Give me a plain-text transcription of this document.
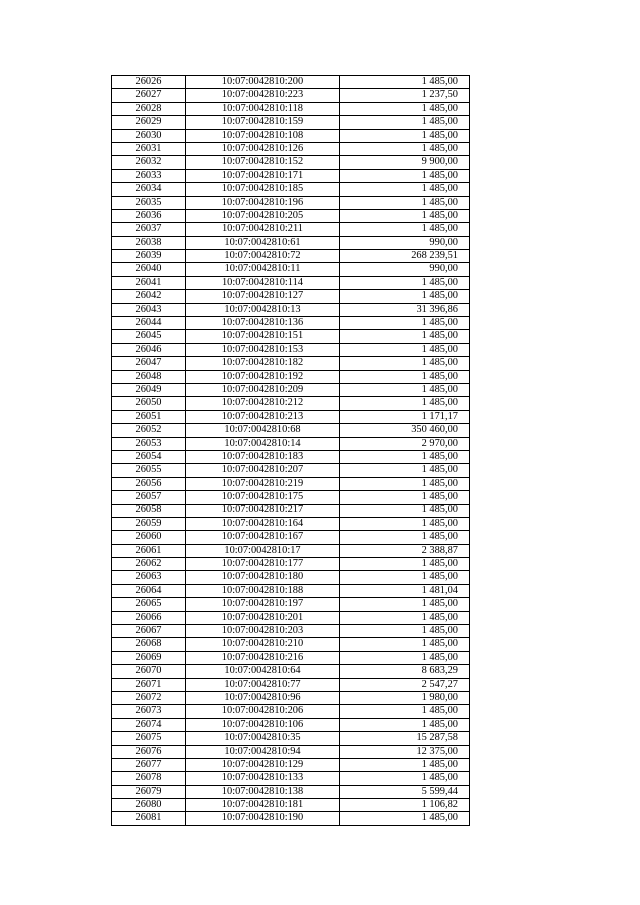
26026	10:07:0042810:200	1 485,00
26027	10:07:0042810:223	1 237,50
26028	10:07:0042810:118	1 485,00
26029	10:07:0042810:159	1 485,00
26030	10:07:0042810:108	1 485,00
26031	10:07:0042810:126	1 485,00
26032	10:07:0042810:152	9 900,00
26033	10:07:0042810:171	1 485,00
26034	10:07:0042810:185	1 485,00
26035	10:07:0042810:196	1 485,00
26036	10:07:0042810:205	1 485,00
26037	10:07:0042810:211	1 485,00
26038	10:07:0042810:61	990,00
26039	10:07:0042810:72	268 239,51
26040	10:07:0042810:11	990,00
26041	10:07:0042810:114	1 485,00
26042	10:07:0042810:127	1 485,00
26043	10:07:0042810:13	31 396,86
26044	10:07:0042810:136	1 485,00
26045	10:07:0042810:151	1 485,00
26046	10:07:0042810:153	1 485,00
26047	10:07:0042810:182	1 485,00
26048	10:07:0042810:192	1 485,00
26049	10:07:0042810:209	1 485,00
26050	10:07:0042810:212	1 485,00
26051	10:07:0042810:213	1 171,17
26052	10:07:0042810:68	350 460,00
26053	10:07:0042810:14	2 970,00
26054	10:07:0042810:183	1 485,00
26055	10:07:0042810:207	1 485,00
26056	10:07:0042810:219	1 485,00
26057	10:07:0042810:175	1 485,00
26058	10:07:0042810:217	1 485,00
26059	10:07:0042810:164	1 485,00
26060	10:07:0042810:167	1 485,00
26061	10:07:0042810:17	2 388,87
26062	10:07:0042810:177	1 485,00
26063	10:07:0042810:180	1 485,00
26064	10:07:0042810:188	1 481,04
26065	10:07:0042810:197	1 485,00
26066	10:07:0042810:201	1 485,00
26067	10:07:0042810:203	1 485,00
26068	10:07:0042810:210	1 485,00
26069	10:07:0042810:216	1 485,00
26070	10:07:0042810:64	8 683,29
26071	10:07:0042810:77	2 547,27
26072	10:07:0042810:96	1 980,00
26073	10:07:0042810:206	1 485,00
26074	10:07:0042810:106	1 485,00
26075	10:07:0042810:35	15 287,58
26076	10:07:0042810:94	12 375,00
26077	10:07:0042810:129	1 485,00
26078	10:07:0042810:133	1 485,00
26079	10:07:0042810:138	5 599,44
26080	10:07:0042810:181	1 106,82
26081	10:07:0042810:190	1 485,00
